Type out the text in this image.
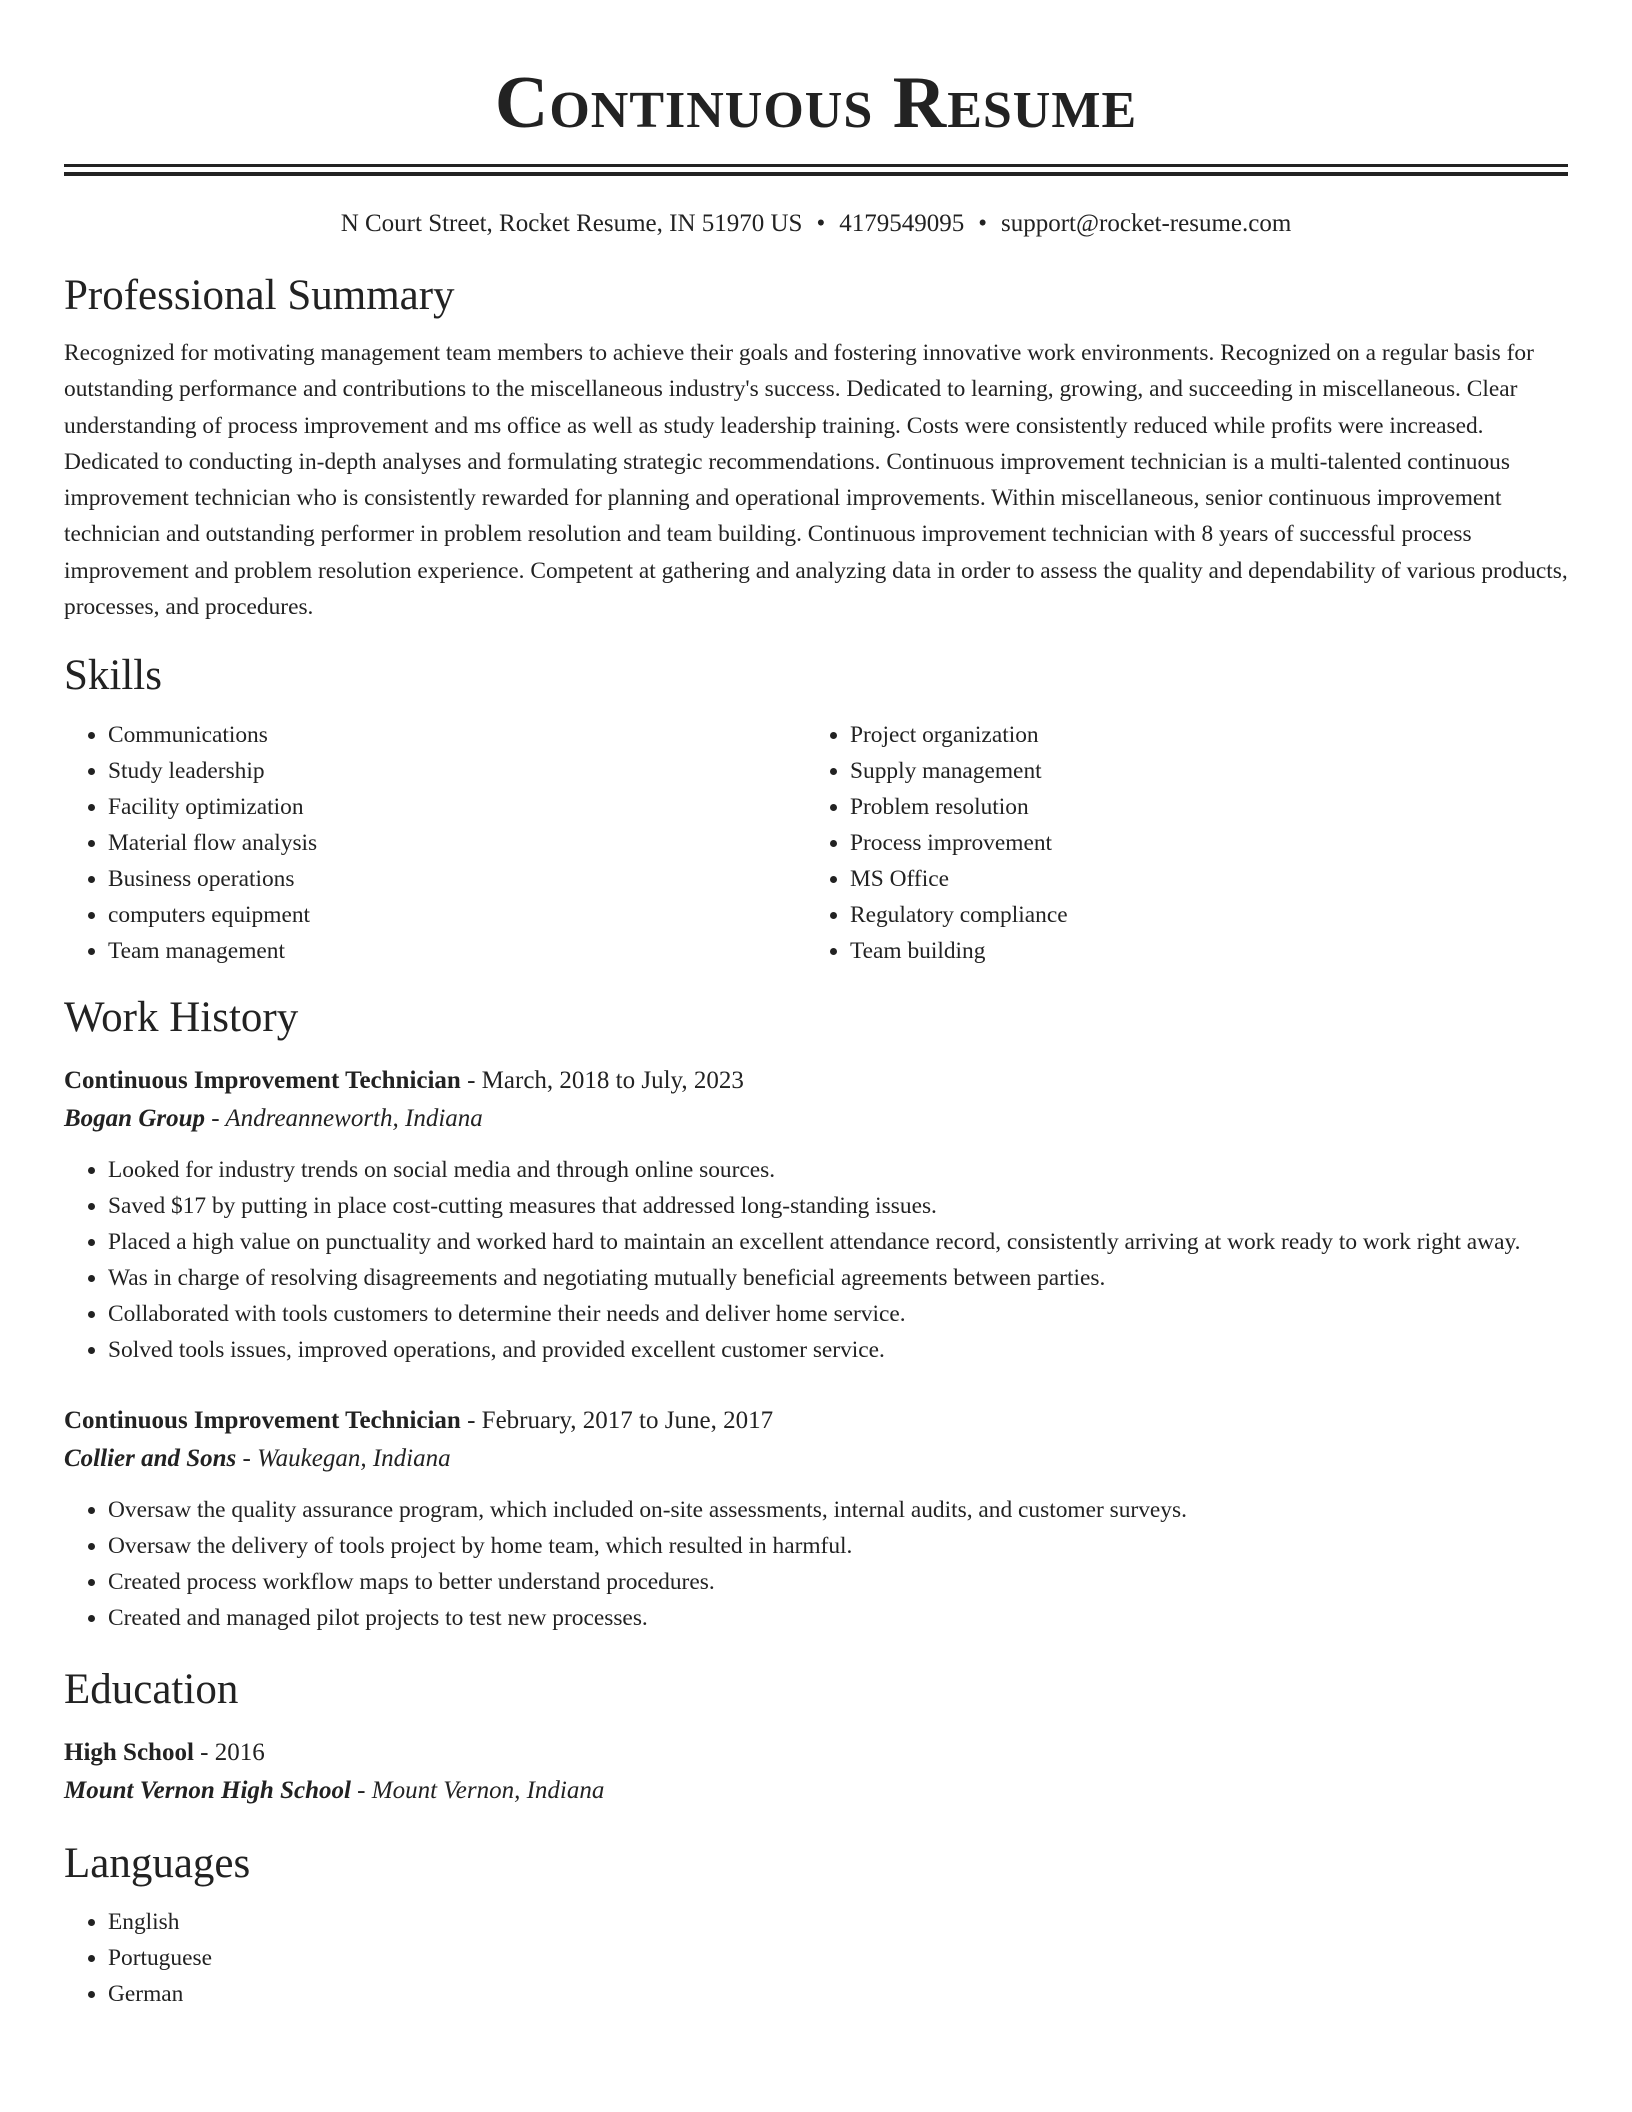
Continuous Resume
N Court Street, Rocket Resume, IN 51970 US • 4179549095 • support@rocket-resume.com
Professional Summary

Recognized for motivating management team members to achieve their goals and fostering innovative work environments. Recognized on a regular basis for outstanding performance and contributions to the miscellaneous industry's success. Dedicated to learning, growing, and succeeding in miscellaneous. Clear understanding of process improvement and ms office as well as study leadership training. Costs were consistently reduced while profits were increased. Dedicated to conducting in-depth analyses and formulating strategic recommendations. Continuous improvement technician is a multi-talented continuous improvement technician who is consistently rewarded for planning and operational improvements. Within miscellaneous, senior continuous improvement technician and outstanding performer in problem resolution and team building. Continuous improvement technician with 8 years of successful process improvement and problem resolution experience. Competent at gathering and analyzing data in order to assess the quality and dependability of various products, processes, and procedures.

Skills
• Communications
• Study leadership
• Facility optimization
• Material flow analysis
• Business operations
• computers equipment
• Team management
• Project organization
• Supply management
• Problem resolution
• Process improvement
• MS Office
• Regulatory compliance
• Team building
Work History
Continuous Improvement Technician - March, 2018 to July, 2023
Bogan Group - Andreanneworth, Indiana
• Looked for industry trends on social media and through online sources.
• Saved $17 by putting in place cost-cutting measures that addressed long-standing issues.
• Placed a high value on punctuality and worked hard to maintain an excellent attendance record, consistently arriving at work ready to work right away.
• Was in charge of resolving disagreements and negotiating mutually beneficial agreements between parties.
• Collaborated with tools customers to determine their needs and deliver home service.
• Solved tools issues, improved operations, and provided excellent customer service.
Continuous Improvement Technician - February, 2017 to June, 2017
Collier and Sons - Waukegan, Indiana
• Oversaw the quality assurance program, which included on-site assessments, internal audits, and customer surveys.
• Oversaw the delivery of tools project by home team, which resulted in harmful.
• Created process workflow maps to better understand procedures.
• Created and managed pilot projects to test new processes.
Education
High School - 2016
Mount Vernon High School - Mount Vernon, Indiana
Languages
• English
• Portuguese
• German
